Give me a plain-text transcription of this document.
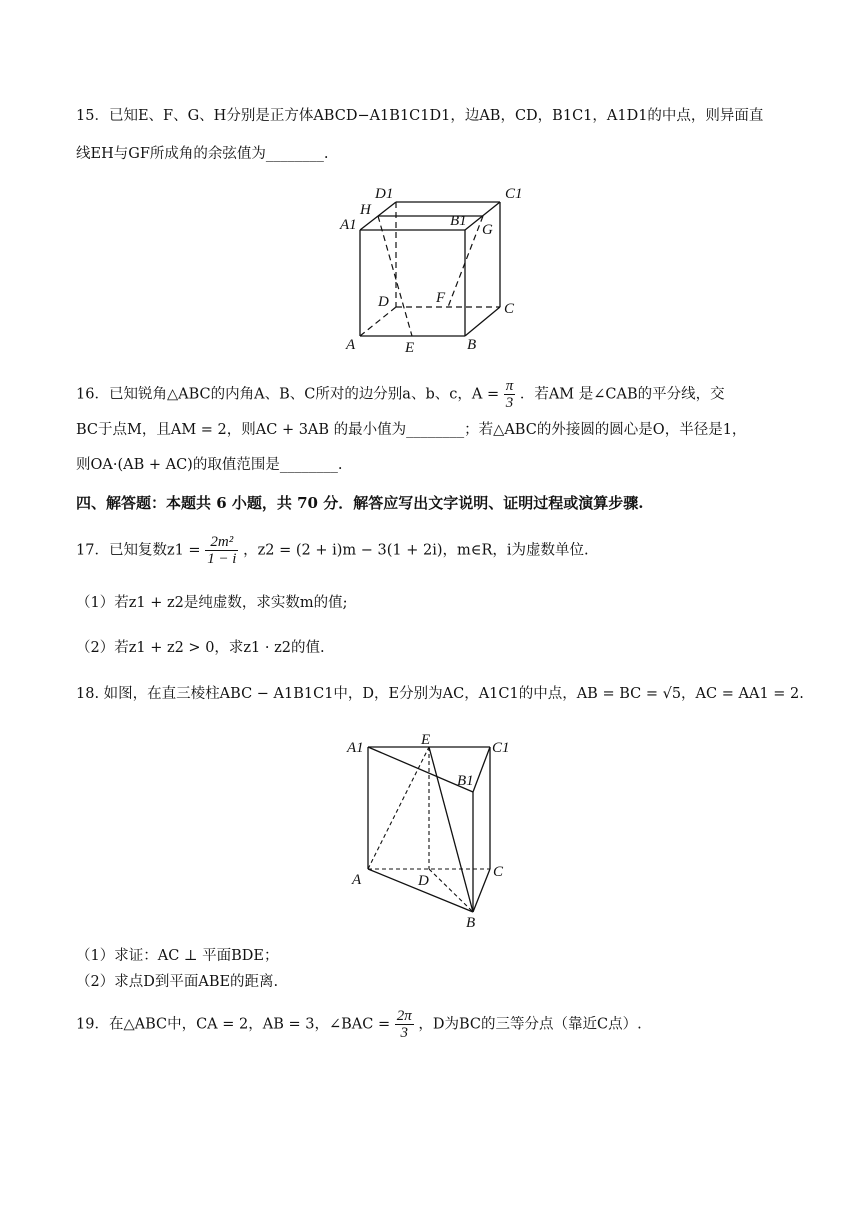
15．已知E、F、G、H分别是正方体ABCD−A1B1C1D1，边AB，CD，B1C1，A1D1的中点，则异面直
线EH与GF所成角的余弦值为________.
D1	C1
H
A1	B1
G
D	F
C
A	E	B
16．已知锐角△ABC的内角A、B、C所对的边分别a、b、c，$A = \frac{\pi}{3}$ ．若AM 是∠CAB的平分线，交
BC于点M，且AM = 2，则AC + 3AB 的最小值为________；若△ABC的外接圆的圆心是O，半径是1，
则OA·(AB + AC)的取值范围是________.
四、解答题：本题共 6 小题，共 70 分．解答应写出文字说明、证明过程或演算步骤.
17．已知复数$z1 = \frac{\text{2m²}}{1 - i}$ ，z2 = (2 + i)m − 3(1 + 2i)，m∈R，i为虚数单位.
（1）若z1 + z2是纯虚数，求实数m的值;
（2）若z1 + z2 > 0，求z1 · z2的值.
18. 如图，在直三棱柱ABC − A1B1C1中，D，E分别为AC，A1C1的中点，AB = BC = √5，AC = AA1 = 2.
A1	E	C1
B1
A	D
C
B
（1）求证：AC ⊥ 平面BDE；
（2）求点D到平面ABE的距离.
19．在△ABC中，CA = 2，AB = 3，∠BAC = $\frac{2\pi}{3}$ ，D为BC的三等分点（靠近C点）.
